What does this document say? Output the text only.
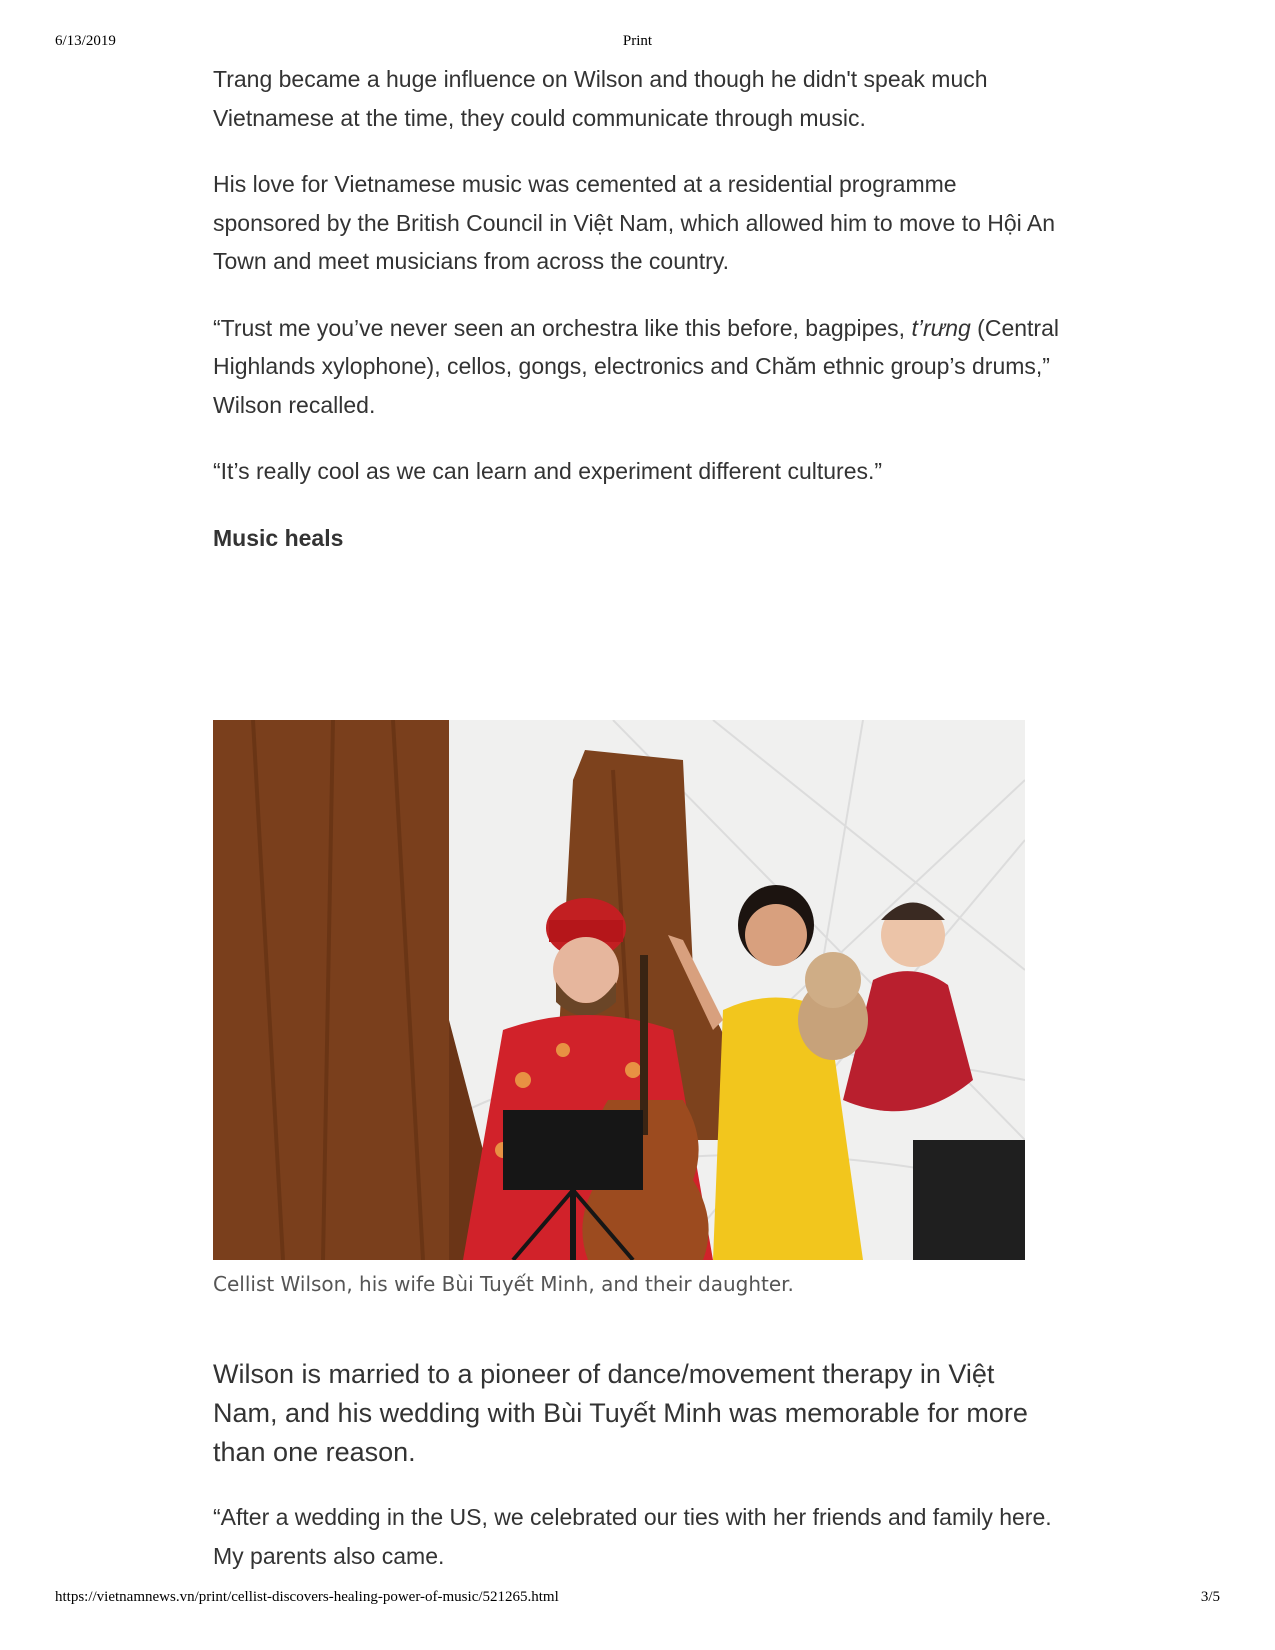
6/13/2019	Print

Trang became a huge influence on Wilson and though he didn't speak much Vietnamese at the time, they could communicate through music.

His love for Vietnamese music was cemented at a residential programme sponsored by the British Council in Việt Nam, which allowed him to move to Hội An Town and meet musicians from across the country.

“Trust me you’ve never seen an orchestra like this before, bagpipes, t’rưng (Central Highlands xylophone), cellos, gongs, electronics and Chăm ethnic group’s drums,” Wilson recalled.

“It’s really cool as we can learn and experiment different cultures.”

Music heals
Cellist Wilson, his wife Bùi Tuyết Minh, and their daughter.

Wilson is married to a pioneer of dance/movement therapy in Việt Nam, and his wedding with Bùi Tuyết Minh was memorable for more than one reason.

“After a wedding in the US, we celebrated our ties with her friends and family here. My parents also came.

https://vietnamnews.vn/print/cellist-discovers-healing-power-of-music/521265.html	3/5
